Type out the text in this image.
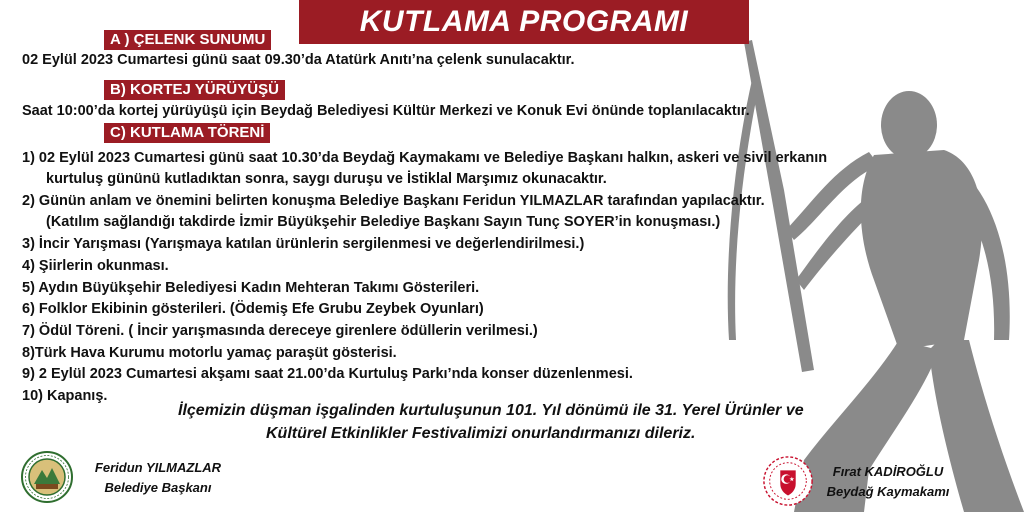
KUTLAMA PROGRAMI
A ) ÇELENK SUNUMU
02 Eylül 2023 Cumartesi günü saat 09.30’da Atatürk Anıtı’na çelenk sunulacaktır.
B) KORTEJ YÜRÜYÜŞÜ
Saat 10:00’da kortej yürüyüşü için Beydağ Belediyesi Kültür Merkezi ve Konuk Evi önünde toplanılacaktır.
C) KUTLAMA TÖRENİ
1) 02 Eylül 2023 Cumartesi günü saat 10.30’da Beydağ Kaymakamı ve Belediye Başkanı halkın, askeri ve sivil erkanın
kurtuluş gününü kutladıktan sonra, saygı duruşu ve İstiklal Marşımız okunacaktır.
2) Günün anlam ve önemini belirten konuşma Belediye Başkanı Feridun YILMAZLAR tarafından yapılacaktır.
(Katılım sağlandığı takdirde İzmir Büyükşehir Belediye Başkanı Sayın Tunç SOYER’in konuşması.)
3) İncir Yarışması (Yarışmaya katılan ürünlerin sergilenmesi ve değerlendirilmesi.)
4) Şiirlerin okunması.
5) Aydın Büyükşehir Belediyesi Kadın Mehteran Takımı Gösterileri.
6) Folklor Ekibinin gösterileri. (Ödemiş Efe Grubu Zeybek Oyunları)
7) Ödül Töreni. ( İncir yarışmasında dereceye girenlere ödüllerin verilmesi.)
8)Türk Hava Kurumu motorlu yamaç paraşüt gösterisi.
9) 2 Eylül 2023 Cumartesi akşamı saat 21.00’da Kurtuluş Parkı’nda konser düzenlenmesi.
10) Kapanış.
İlçemizin düşman işgalinden kurtuluşunun 101. Yıl dönümü ile 31. Yerel Ürünler ve
Kültürel Etkinlikler Festivalimizi onurlandırmanızı dileriz.
Feridun YILMAZLAR
Belediye Başkanı
Fırat KADİROĞLU
Beydağ Kaymakamı
